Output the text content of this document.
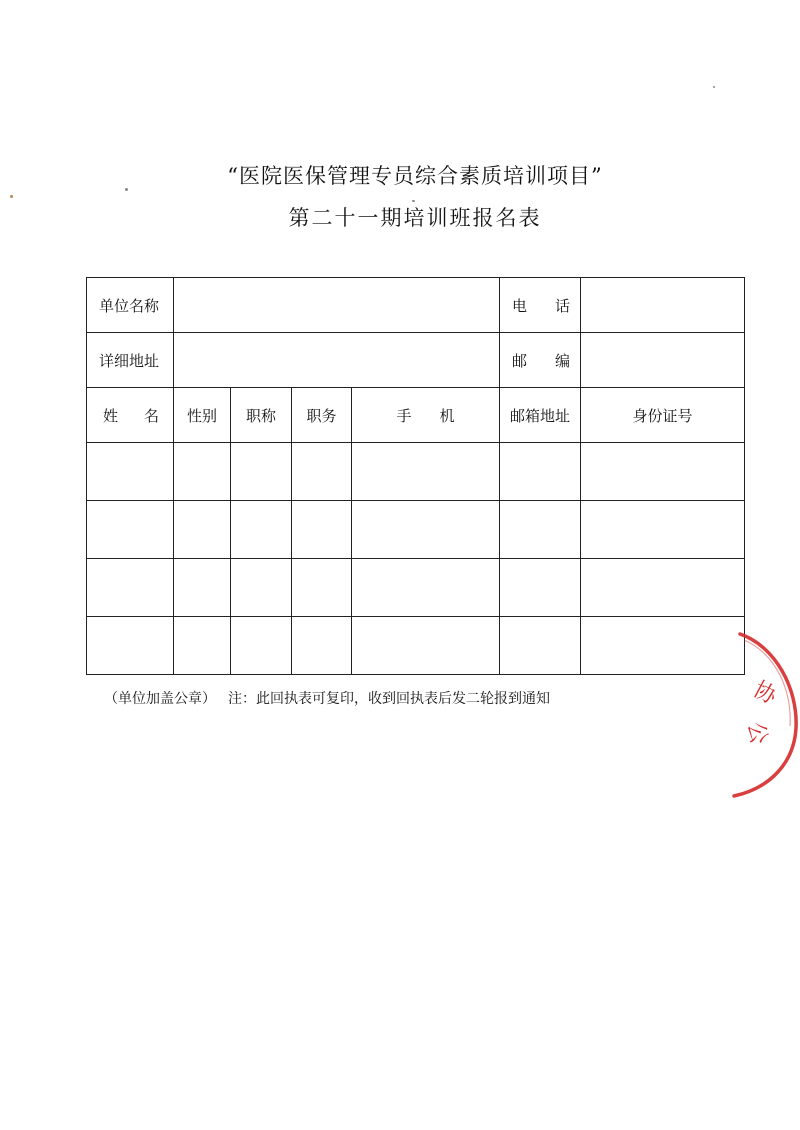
“医院医保管理专员综合素质培训项目”
第二十一期培训班报名表
单位名称					电 话	

详细地址					邮 编	

姓 名	性别	职称	职务	手 机	邮箱地址	身份证号

（单位加盖公章） 注：此回执表可复印，收到回执表后发二轮报到通知	协
公
